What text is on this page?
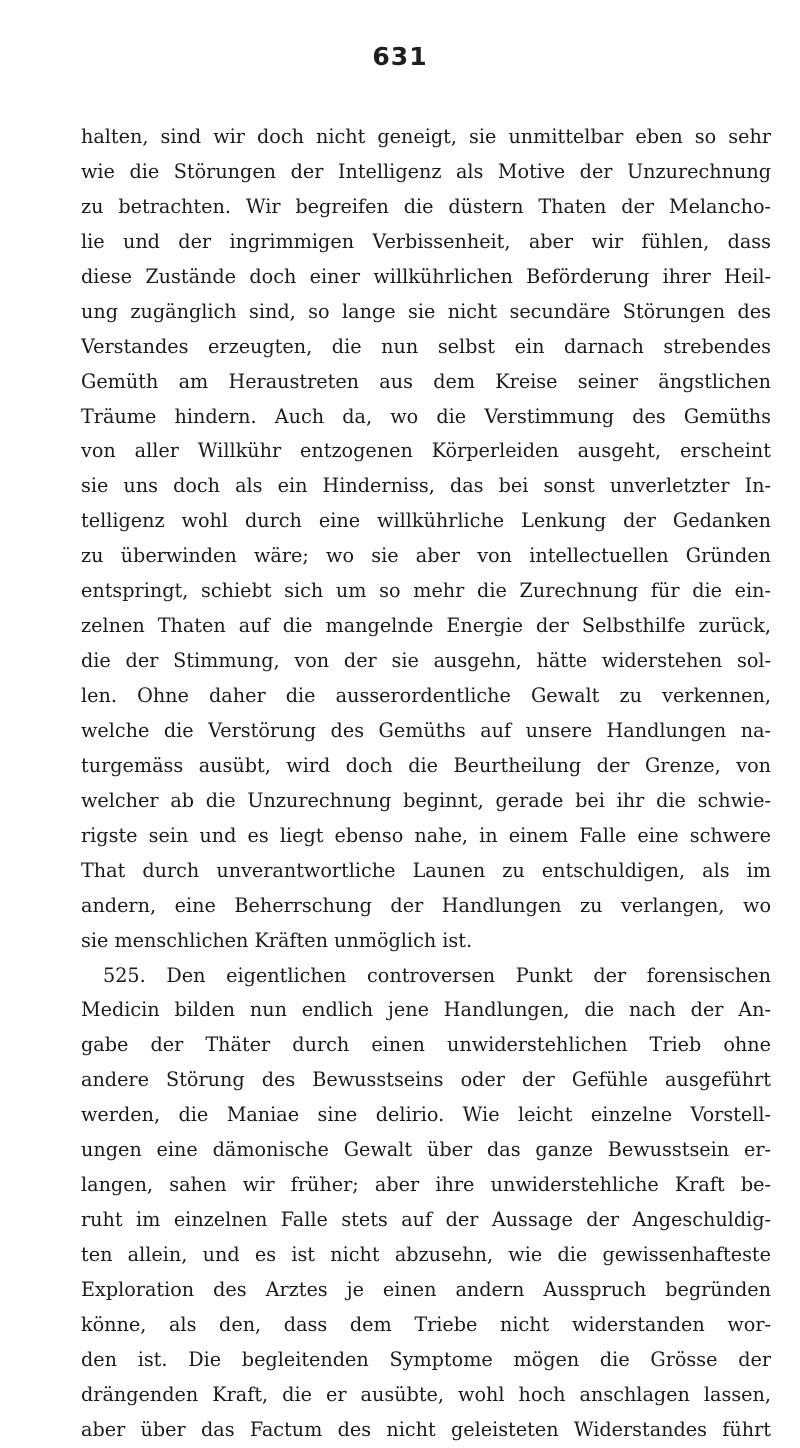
631
halten, sind wir doch nicht geneigt, sie unmittelbar eben so sehr
wie die Störungen der Intelligenz als Motive der Unzurechnung
zu betrachten. Wir begreifen die düstern Thaten der Melancho-
lie und der ingrimmigen Verbissenheit, aber wir fühlen, dass
diese Zustände doch einer willkührlichen Beförderung ihrer Heil-
ung zugänglich sind, so lange sie nicht secundäre Störungen des
Verstandes erzeugten, die nun selbst ein darnach strebendes
Gemüth am Heraustreten aus dem Kreise seiner ängstlichen
Träume hindern. Auch da, wo die Verstimmung des Gemüths
von aller Willkühr entzogenen Körperleiden ausgeht, erscheint
sie uns doch als ein Hinderniss, das bei sonst unverletzter In-
telligenz wohl durch eine willkührliche Lenkung der Gedanken
zu überwinden wäre; wo sie aber von intellectuellen Gründen
entspringt, schiebt sich um so mehr die Zurechnung für die ein-
zelnen Thaten auf die mangelnde Energie der Selbsthilfe zurück,
die der Stimmung, von der sie ausgehn, hätte widerstehen sol-
len. Ohne daher die ausserordentliche Gewalt zu verkennen,
welche die Verstörung des Gemüths auf unsere Handlungen na-
turgemäss ausübt, wird doch die Beurtheilung der Grenze, von
welcher ab die Unzurechnung beginnt, gerade bei ihr die schwie-
rigste sein und es liegt ebenso nahe, in einem Falle eine schwere
That durch unverantwortliche Launen zu entschuldigen, als im
andern, eine Beherrschung der Handlungen zu verlangen, wo
sie menschlichen Kräften unmöglich ist.
525. Den eigentlichen controversen Punkt der forensischen
Medicin bilden nun endlich jene Handlungen, die nach der An-
gabe der Thäter durch einen unwiderstehlichen Trieb ohne
andere Störung des Bewusstseins oder der Gefühle ausgeführt
werden, die Maniae sine delirio. Wie leicht einzelne Vorstell-
ungen eine dämonische Gewalt über das ganze Bewusstsein er-
langen, sahen wir früher; aber ihre unwiderstehliche Kraft be-
ruht im einzelnen Falle stets auf der Aussage der Angeschuldig-
ten allein, und es ist nicht abzusehn, wie die gewissenhafteste
Exploration des Arztes je einen andern Ausspruch begründen
könne, als den, dass dem Triebe nicht widerstanden wor-
den ist. Die begleitenden Symptome mögen die Grösse der
drängenden Kraft, die er ausübte, wohl hoch anschlagen lassen,
aber über das Factum des nicht geleisteten Widerstandes führt
